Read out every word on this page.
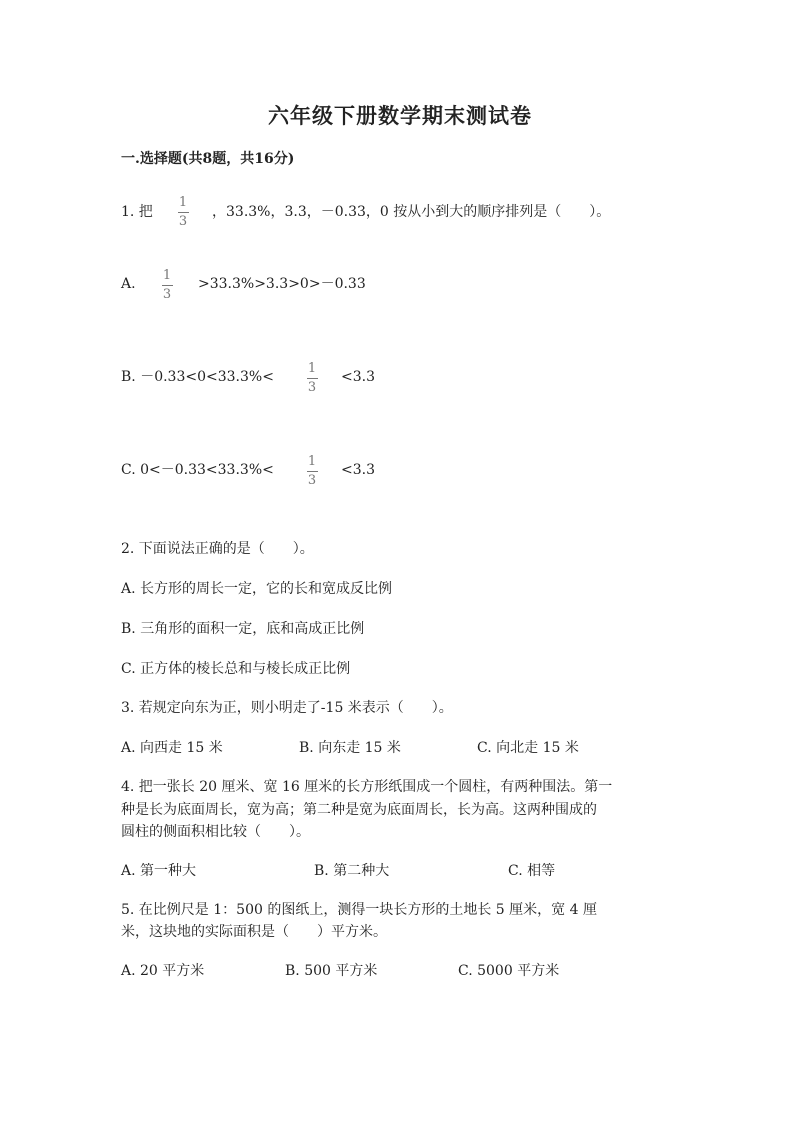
六年级下册数学期末测试卷
一.选择题(共8题，共16分)
1. 把
1
3
，33.3%，3.3，－0.33，0 按从小到大的顺序排列是（　　）。
A.
1
3
>33.3%>3.3>0>－0.33
B. －0.33<0<33.3%<
1
3
<3.3
C. 0<－0.33<33.3%<
1
3
<3.3
2. 下面说法正确的是（　　）。
A. 长方形的周长一定，它的长和宽成反比例
B. 三角形的面积一定，底和高成正比例
C. 正方体的棱长总和与棱长成正比例
3. 若规定向东为正，则小明走了-15 米表示（　　）。
A. 向西走 15 米	B. 向东走 15 米	C. 向北走 15 米
4. 把一张长 20 厘米、宽 16 厘米的长方形纸围成一个圆柱，有两种围法。第一
种是长为底面周长，宽为高；第二种是宽为底面周长，长为高。这两种围成的
圆柱的侧面积相比较（　　）。
A. 第一种大	B. 第二种大	C. 相等
5. 在比例尺是 1：500 的图纸上，测得一块长方形的土地长 5 厘米，宽 4 厘
米，这块地的实际面积是（　　）平方米。
A. 20 平方米	B. 500 平方米	C. 5000 平方米
